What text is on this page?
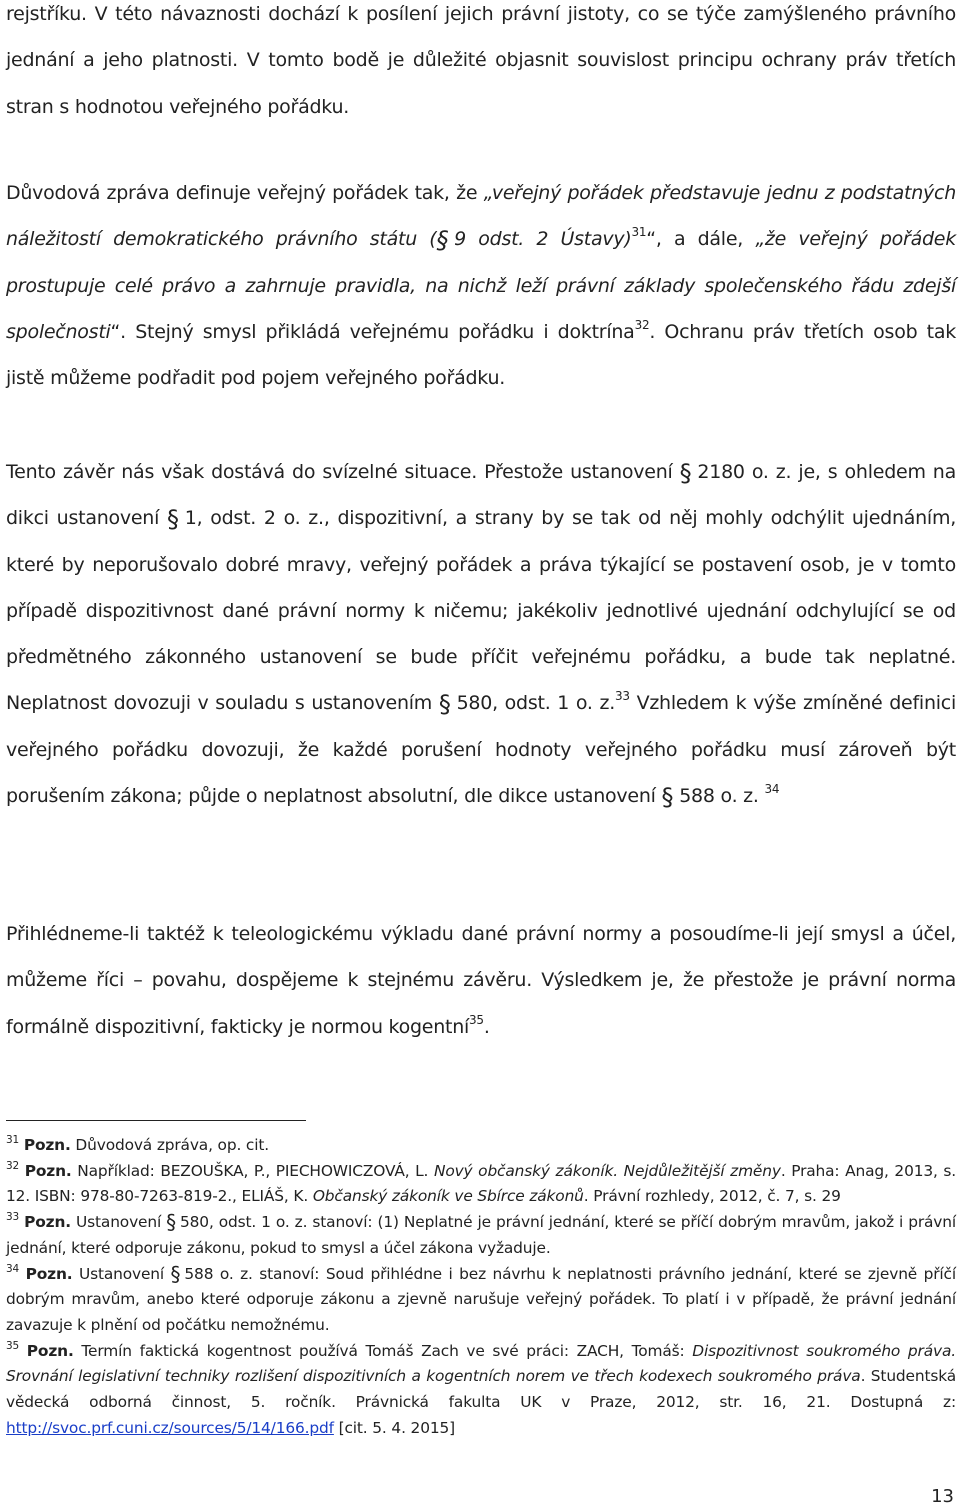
rejstříku. V této návaznosti dochází k posílení jejich právní jistoty, co se týče zamýšleného právního jednání a jeho platnosti. V tomto bodě je důležité objasnit souvislost principu ochrany práv třetích stran s hodnotou veřejného pořádku.

Důvodová zpráva definuje veřejný pořádek tak, že „veřejný pořádek představuje jednu z podstatných náležitostí demokratického právního státu (§ 9 odst. 2 Ústavy)$^{31}$“, a dále, „že veřejný pořádek prostupuje celé právo a zahrnuje pravidla, na nichž leží právní základy společenského řádu zdejší společnosti“. Stejný smysl přikládá veřejnému pořádku i doktrína$^{32}$. Ochranu práv třetích osob tak jistě můžeme podřadit pod pojem veřejného pořádku.

Tento závěr nás však dostává do svízelné situace. Přestože ustanovení § 2180 o. z. je, s ohledem na dikci ustanovení § 1, odst. 2 o. z., dispozitivní, a strany by se tak od něj mohly odchýlit ujednáním, které by neporušovalo dobré mravy, veřejný pořádek a práva týkající se postavení osob, je v tomto případě dispozitivnost dané právní normy k ničemu; jakékoliv jednotlivé ujednání odchylující se od předmětného zákonného ustanovení se bude příčit veřejnému pořádku, a bude tak neplatné. Neplatnost dovozuji v souladu s ustanovením § 580, odst. 1 o. z.$^{33}$ Vzhledem k výše zmíněné definici veřejného pořádku dovozuji, že každé porušení hodnoty veřejného pořádku musí zároveň být porušením zákona; půjde o neplatnost absolutní, dle dikce ustanovení § 588 o. z. $^{34}$

Přihlédneme-li taktéž k teleologickému výkladu dané právní normy a posoudíme-li její smysl a účel, můžeme říci – povahu, dospějeme k stejnému závěru. Výsledkem je, že přestože je právní norma formálně dispozitivní, fakticky je normou kogentní$^{35}$.

$^{31}$ Pozn. Důvodová zpráva, op. cit.

$^{32}$ Pozn. Například: BEZOUŠKA, P., PIECHOWICZOVÁ, L. Nový občanský zákoník. Nejdůležitější změny. Praha: Anag, 2013, s. 12. ISBN: 978-80-7263-819-2., ELIÁŠ, K. Občanský zákoník ve Sbírce zákonů. Právní rozhledy, 2012, č. 7, s. 29

$^{33}$ Pozn. Ustanovení § 580, odst. 1 o. z. stanoví: (1) Neplatné je právní jednání, které se příčí dobrým mravům, jakož i právní jednání, které odporuje zákonu, pokud to smysl a účel zákona vyžaduje.

$^{34}$ Pozn. Ustanovení § 588 o. z. stanoví: Soud přihlédne i bez návrhu k neplatnosti právního jednání, které se zjevně příčí dobrým mravům, anebo které odporuje zákonu a zjevně narušuje veřejný pořádek. To platí i v případě, že právní jednání zavazuje k plnění od počátku nemožnému.

$^{35}$ Pozn. Termín faktická kogentnost používá Tomáš Zach ve své práci: ZACH, Tomáš: Dispozitivnost soukromého práva. Srovnání legislativní techniky rozlišení dispozitivních a kogentních norem ve třech kodexech soukromého práva. Studentská vědecká odborná činnost, 5. ročník. Právnická fakulta UK v Praze, 2012, str. 16, 21. Dostupná z: http://svoc.prf.cuni.cz/sources/5/14/166.pdf [cit. 5. 4. 2015]

13
